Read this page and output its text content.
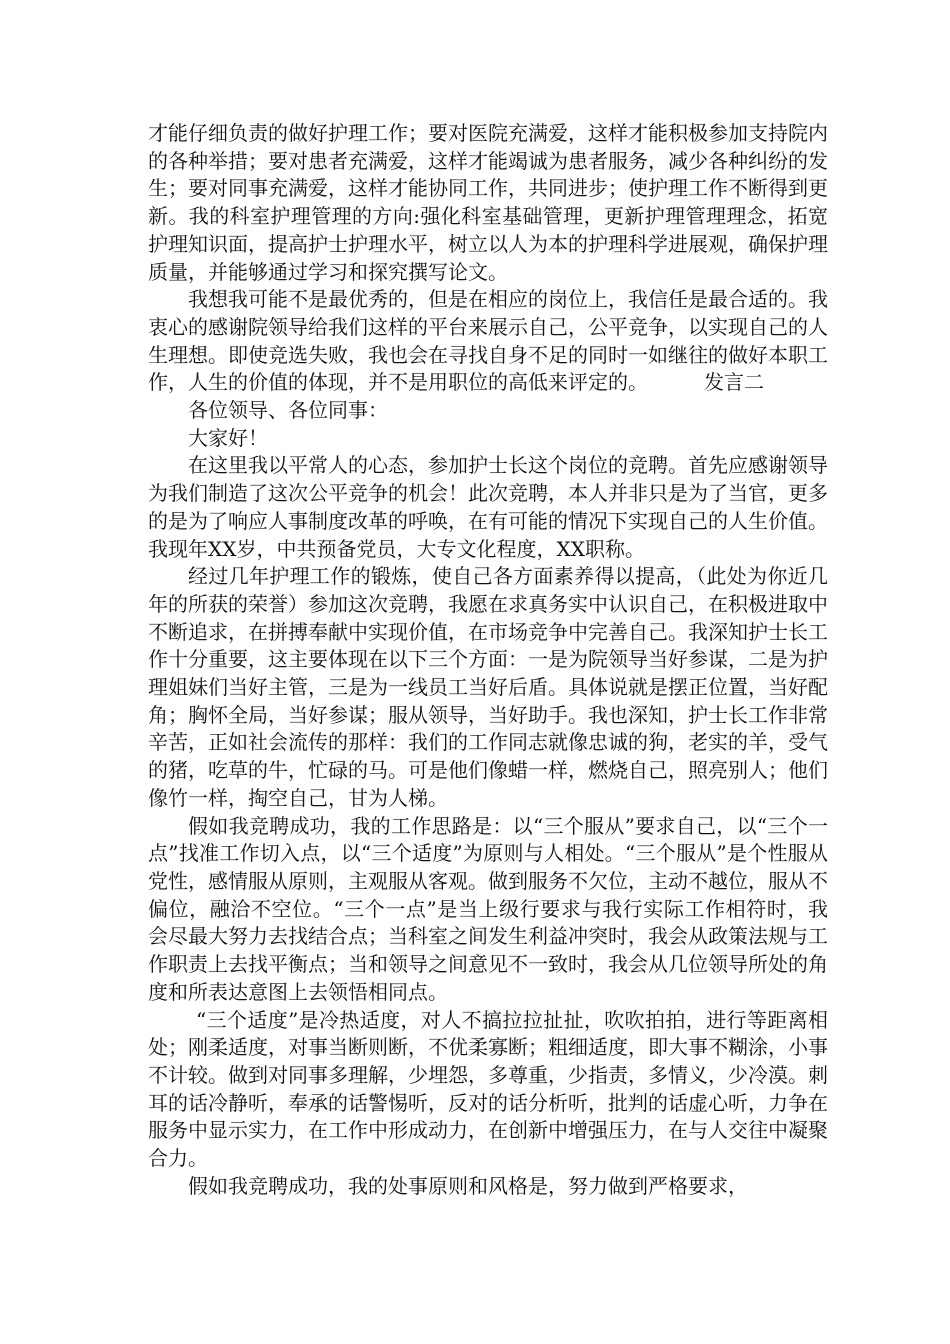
才能仔细负责的做好护理工作；要对医院充满爱，这样才能积极参加支持院内的各种举措；要对患者充满爱，这样才能竭诚为患者服务，减少各种纠纷的发生；要对同事充满爱，这样才能协同工作，共同进步；使护理工作不断得到更新。我的科室护理管理的方向:强化科室基础管理，更新护理管理理念，拓宽护理知识面，提高护士护理水平，树立以人为本的护理科学进展观，确保护理质量，并能够通过学习和探究撰写论文。

我想我可能不是最优秀的，但是在相应的岗位上，我信任是最合适的。我衷心的感谢院领导给我们这样的平台来展示自己，公平竞争，以实现自己的人生理想。即使竞选失败，我也会在寻找自身不足的同时一如继往的做好本职工作，人生的价值的体现，并不是用职位的高低来评定的。	发言二

各位领导、各位同事：

大家好！

在这里我以平常人的心态，参加护士长这个岗位的竞聘。首先应感谢领导为我们制造了这次公平竞争的机会！此次竞聘，本人并非只是为了当官，更多的是为了响应人事制度改革的呼唤，在有可能的情况下实现自己的人生价值。我现年XX岁，中共预备党员，大专文化程度，XX职称。

经过几年护理工作的锻炼，使自己各方面素养得以提高，（此处为你近几年的所获的荣誉）参加这次竞聘，我愿在求真务实中认识自己，在积极进取中不断追求，在拼搏奉献中实现价值，在市场竞争中完善自己。我深知护士长工作十分重要，这主要体现在以下三个方面：一是为院领导当好参谋，二是为护理姐妹们当好主管，三是为一线员工当好后盾。具体说就是摆正位置，当好配角；胸怀全局，当好参谋；服从领导，当好助手。我也深知，护士长工作非常辛苦，正如社会流传的那样：我们的工作同志就像忠诚的狗，老实的羊，受气的猪，吃草的牛，忙碌的马。可是他们像蜡一样，燃烧自己，照亮别人；他们像竹一样，掏空自己，甘为人梯。

假如我竞聘成功，我的工作思路是：以“三个服从”要求自己，以“三个一点”找准工作切入点，以“三个适度”为原则与人相处。“三个服从”是个性服从党性，感情服从原则，主观服从客观。做到服务不欠位，主动不越位，服从不偏位，融洽不空位。“三个一点”是当上级行要求与我行实际工作相符时，我会尽最大努力去找结合点；当科室之间发生利益冲突时，我会从政策法规与工作职责上去找平衡点；当和领导之间意见不一致时，我会从几位领导所处的角度和所表达意图上去领悟相同点。

“三个适度”是冷热适度，对人不搞拉拉扯扯，吹吹拍拍，进行等距离相处；刚柔适度，对事当断则断，不优柔寡断；粗细适度，即大事不糊涂，小事不计较。做到对同事多理解，少埋怨，多尊重，少指责，多情义，少冷漠。刺耳的话冷静听，奉承的话警惕听，反对的话分析听，批判的话虚心听，力争在服务中显示实力，在工作中形成动力，在创新中增强压力，在与人交往中凝聚合力。

假如我竞聘成功，我的处事原则和风格是，努力做到严格要求，
